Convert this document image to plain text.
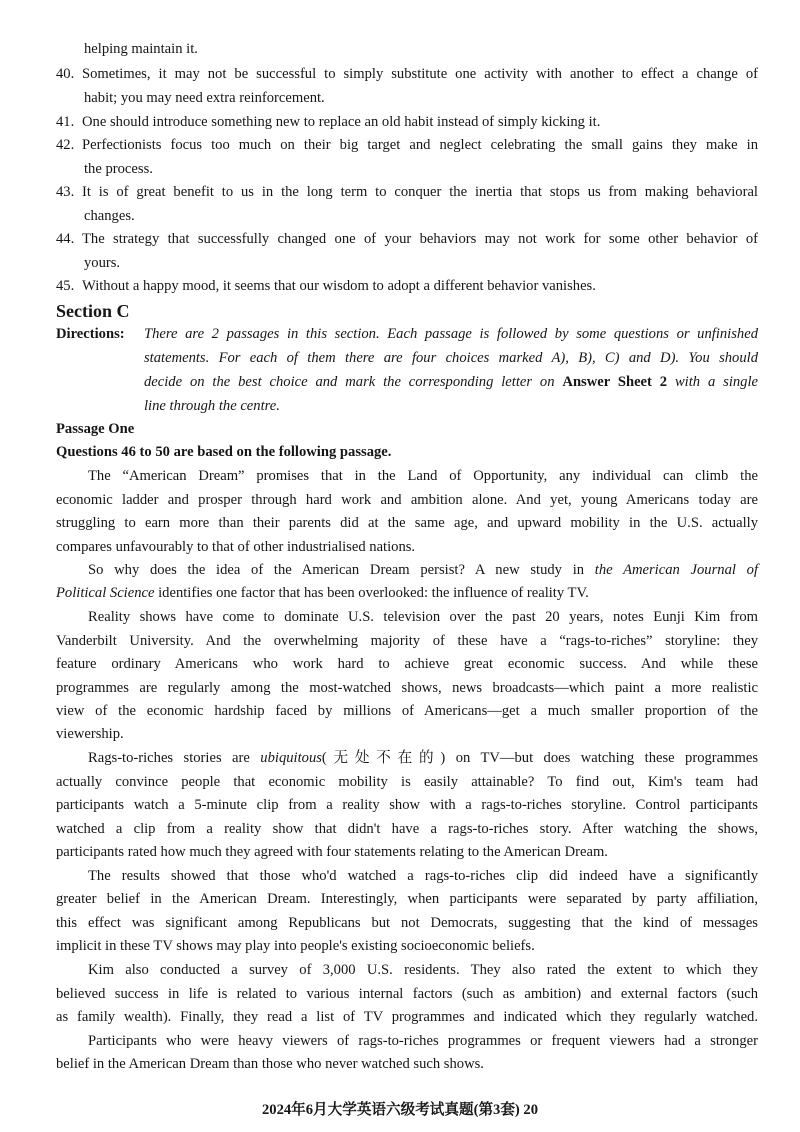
helping maintain it.

40. Sometimes, it may not be successful to simply substitute one activity with another to effect a change of

habit; you may need extra reinforcement.

41. One should introduce something new to replace an old habit instead of simply kicking it.

42. Perfectionists focus too much on their big target and neglect celebrating the small gains they make in

the process.

43. It is of great benefit to us in the long term to conquer the inertia that stops us from making behavioral

changes.

44. The strategy that successfully changed one of your behaviors may not work for some other behavior of

yours.

45. Without a happy mood, it seems that our wisdom to adopt a different behavior vanishes.

Section C

Directions: There are 2 passages in this section. Each passage is followed by some questions or unfinished

statements. For each of them there are four choices marked A), B), C) and D). You should

decide on the best choice and mark the corresponding letter on Answer Sheet 2 with a single

line through the centre.

Passage One

Questions 46 to 50 are based on the following passage.

The “American Dream” promises that in the Land of Opportunity, any individual can climb the

economic ladder and prosper through hard work and ambition alone. And yet, young Americans today are

struggling to earn more than their parents did at the same age, and upward mobility in the U.S. actually

compares unfavourably to that of other industrialised nations.

So why does the idea of the American Dream persist? A new study in the American Journal of

Political Science identifies one factor that has been overlooked: the influence of reality TV.

Reality shows have come to dominate U.S. television over the past 20 years, notes Eunji Kim from

Vanderbilt University. And the overwhelming majority of these have a “rags-to-riches” storyline: they

feature ordinary Americans who work hard to achieve great economic success. And while these

programmes are regularly among the most-watched shows, news broadcasts—which paint a more realistic

view of the economic hardship faced by millions of Americans—get a much smaller proportion of the

viewership.

Rags-to-riches stories are ubiquitous(无处不在的) on TV—but does watching these programmes

actually convince people that economic mobility is easily attainable? To find out, Kim's team had

participants watch a 5-minute clip from a reality show with a rags-to-riches storyline. Control participants

watched a clip from a reality show that didn't have a rags-to-riches story. After watching the shows,

participants rated how much they agreed with four statements relating to the American Dream.

The results showed that those who'd watched a rags-to-riches clip did indeed have a significantly

greater belief in the American Dream. Interestingly, when participants were separated by party affiliation,

this effect was significant among Republicans but not Democrats, suggesting that the kind of messages

implicit in these TV shows may play into people's existing socioeconomic beliefs.

Kim also conducted a survey of 3,000 U.S. residents. They also rated the extent to which they

believed success in life is related to various internal factors (such as ambition) and external factors (such

as family wealth). Finally, they read a list of TV programmes and indicated which they regularly watched.

Participants who were heavy viewers of rags-to-riches programmes or frequent viewers had a stronger

belief in the American Dream than those who never watched such shows.

2024年6月大学英语六级考试真题(第3套) 20
